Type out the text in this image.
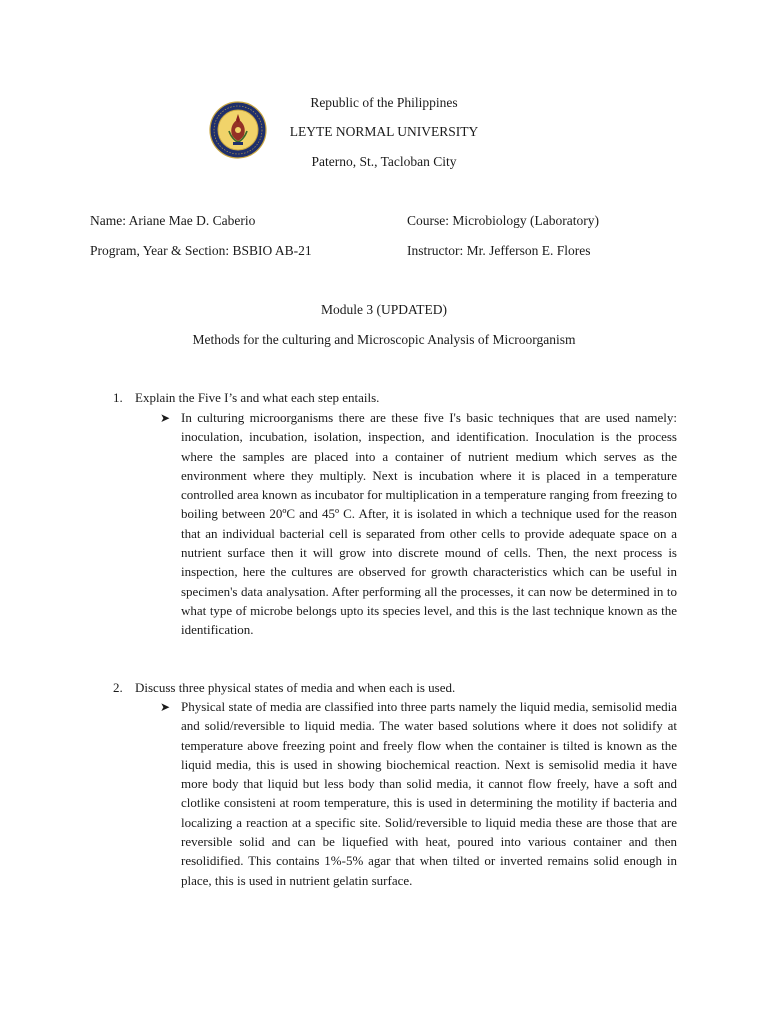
Republic of the Philippines
LEYTE NORMAL UNIVERSITY
Paterno, St., Tacloban City
Name: Ariane Mae D. Caberio	Course: Microbiology (Laboratory)
Program, Year & Section: BSBIO AB-21	Instructor: Mr. Jefferson E. Flores
Module 3 (UPDATED)
Methods for the culturing and Microscopic Analysis of Microorganism
1. Explain the Five I’s and what each step entails.
➤ In culturing microorganisms there are these five I's basic techniques that are used namely: inoculation, incubation, isolation, inspection, and identification. Inoculation is the process where the samples are placed into a container of nutrient medium which serves as the environment where they multiply. Next is incubation where it is placed in a temperature controlled area known as incubator for multiplication in a temperature ranging from freezing to boiling between 20ºC and 45º C. After, it is isolated in which a technique used for the reason that an individual bacterial cell is separated from other cells to provide adequate space on a nutrient surface then it will grow into discrete mound of cells. Then, the next process is inspection, here the cultures are observed for growth characteristics which can be useful in specimen's data analysation. After performing all the processes, it can now be determined in to what type of microbe belongs upto its species level, and this is the last technique known as the identification.

2. Discuss three physical states of media and when each is used.
➤ Physical state of media are classified into three parts namely the liquid media, semisolid media and solid/reversible to liquid media. The water based solutions where it does not solidify at temperature above freezing point and freely flow when the container is tilted is known as the liquid media, this is used in showing biochemical reaction. Next is semisolid media it have more body that liquid but less body than solid media, it cannot flow freely, have a soft and clotlike consisteni at room temperature, this is used in determining the motility if bacteria and localizing a reaction at a specific site. Solid/reversible to liquid media these are those that are reversible solid and can be liquefied with heat, poured into various container and then resolidified. This contains 1%-5% agar that when tilted or inverted remains solid enough in place, this is used in nutrient gelatin surface.
